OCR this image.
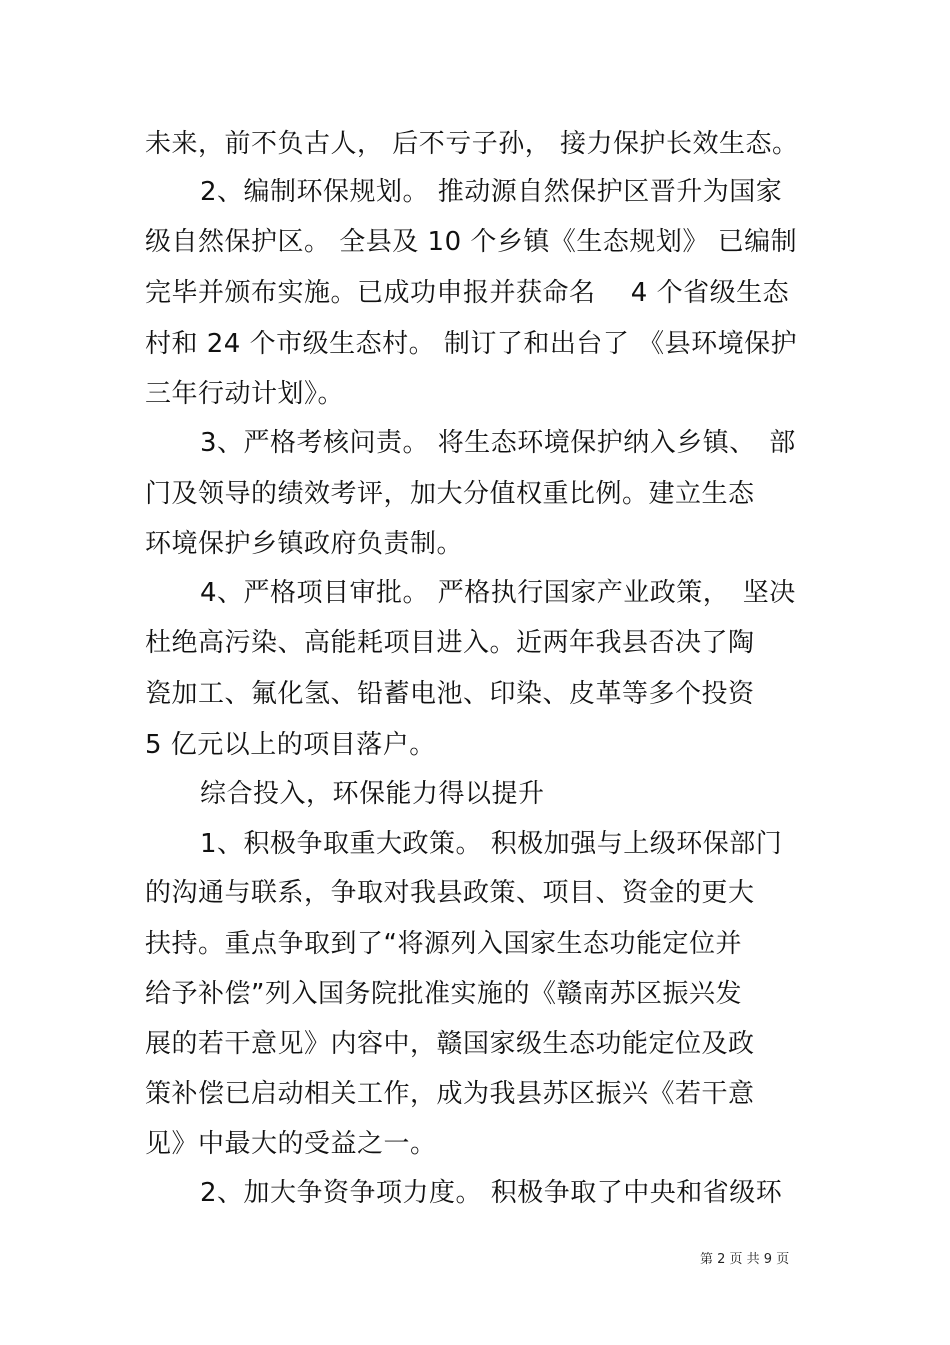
未来，前不负古人， 后不亏子孙， 接力保护长效生态。
2、编制环保规划。 推动源自然保护区晋升为国家
级自然保护区。 全县及 10 个乡镇《生态规划》 已编制
完毕并颁布实施。已成功申报并获命名　 4 个省级生态
村和 24 个市级生态村。 制订了和出台了 《县环境保护
三年行动计划》。
3、严格考核问责。 将生态环境保护纳入乡镇、　部
门及领导的绩效考评，加大分值权重比例。建立生态
环境保护乡镇政府负责制。
4、严格项目审批。 严格执行国家产业政策，　坚决
杜绝高污染、高能耗项目进入。近两年我县否决了陶
瓷加工、氟化氢、铅蓄电池、印染、皮革等多个投资
5 亿元以上的项目落户。
综合投入，环保能力得以提升
1、积极争取重大政策。 积极加强与上级环保部门
的沟通与联系，争取对我县政策、项目、资金的更大
扶持。重点争取到了“将源列入国家生态功能定位并
给予补偿”列入国务院批准实施的《赣南苏区振兴发
展的若干意见》内容中，赣国家级生态功能定位及政
策补偿已启动相关工作，成为我县苏区振兴《若干意
见》中最大的受益之一。
2、加大争资争项力度。 积极争取了中央和省级环
第 2 页 共 9 页
